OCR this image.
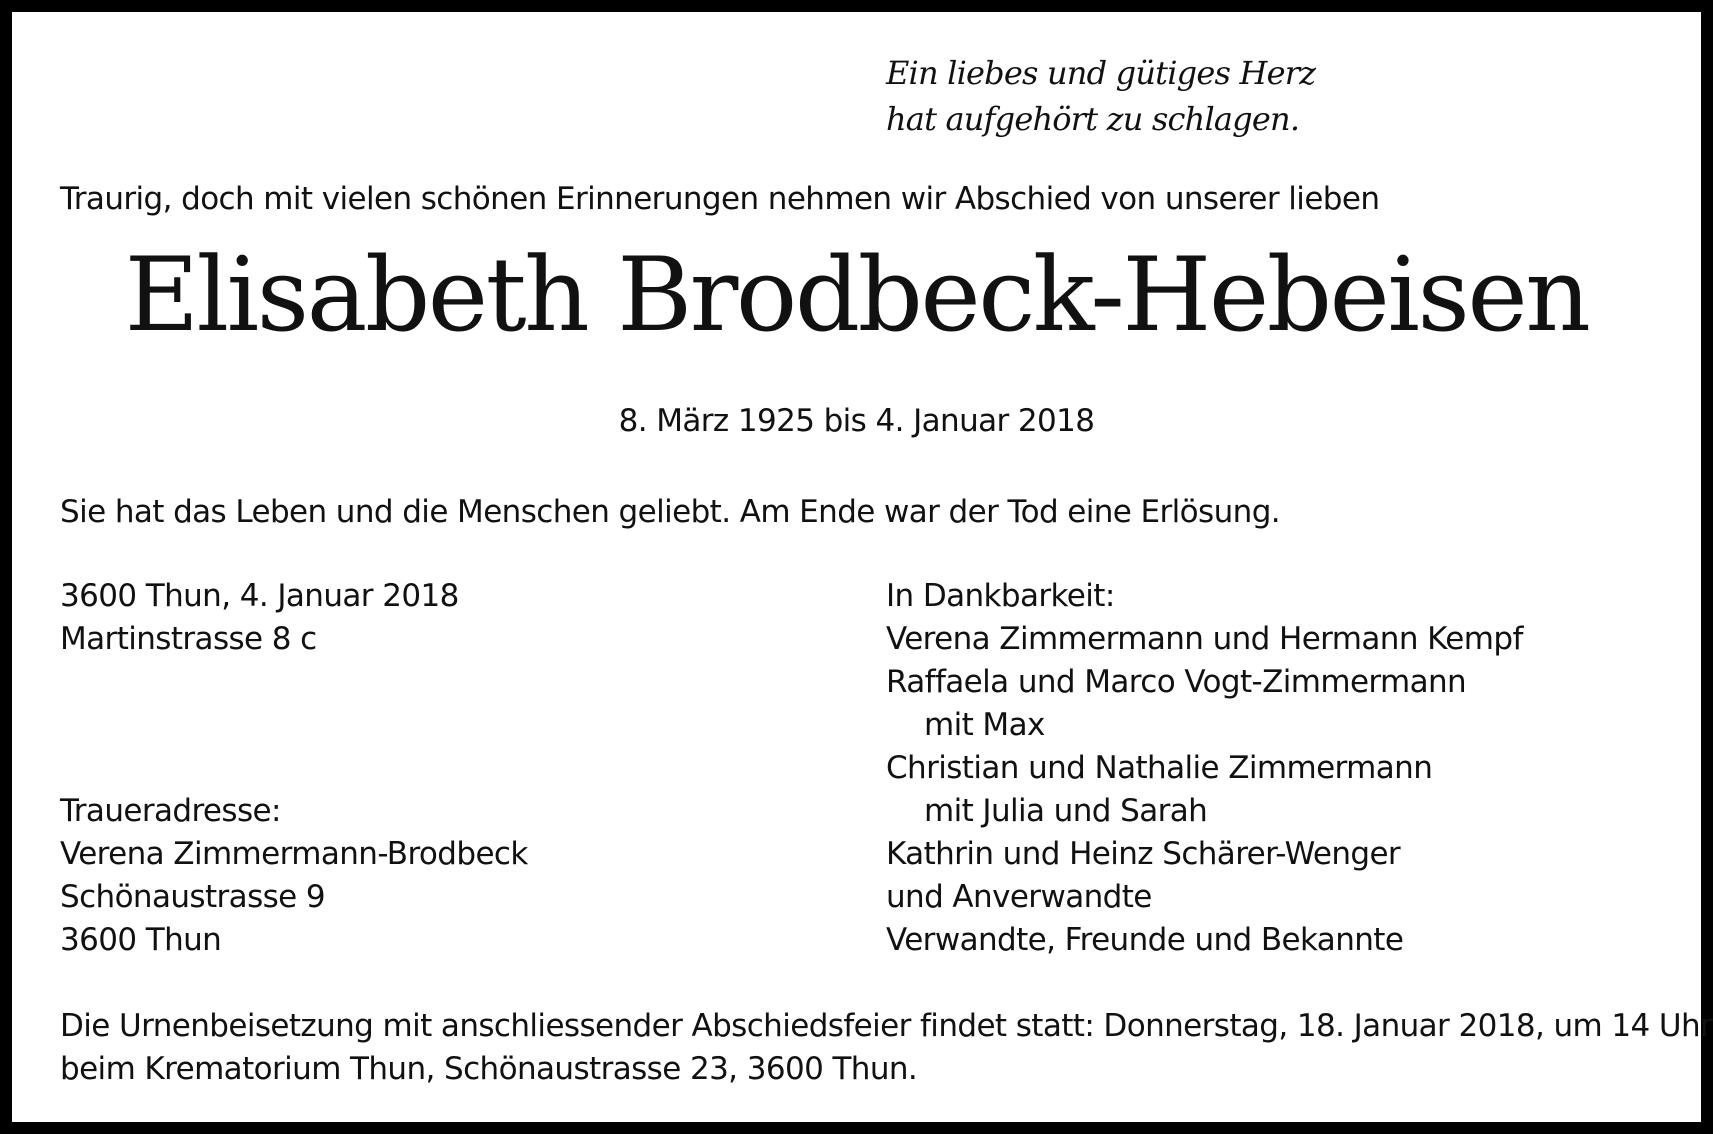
Ein liebes und gütiges Herz
hat aufgehört zu schlagen.
Traurig, doch mit vielen schönen Erinnerungen nehmen wir Abschied von unserer lieben
Elisabeth Brodbeck-Hebeisen
8. März 1925 bis 4. Januar 2018
Sie hat das Leben und die Menschen geliebt. Am Ende war der Tod eine Erlösung.
3600 Thun, 4. Januar 2018
Martinstrasse 8 c
Traueradresse:
Verena Zimmermann-Brodbeck
Schönaustrasse 9
3600 Thun
In Dankbarkeit:
Verena Zimmermann und Hermann Kempf
Raffaela und Marco Vogt-Zimmermann
mit Max
Christian und Nathalie Zimmermann
mit Julia und Sarah
Kathrin und Heinz Schärer-Wenger
und Anverwandte
Verwandte, Freunde und Bekannte
Die Urnenbeisetzung mit anschliessender Abschiedsfeier findet statt: Donnerstag, 18. Januar 2018, um 14 Uhr
beim Krematorium Thun, Schönaustrasse 23, 3600 Thun.
